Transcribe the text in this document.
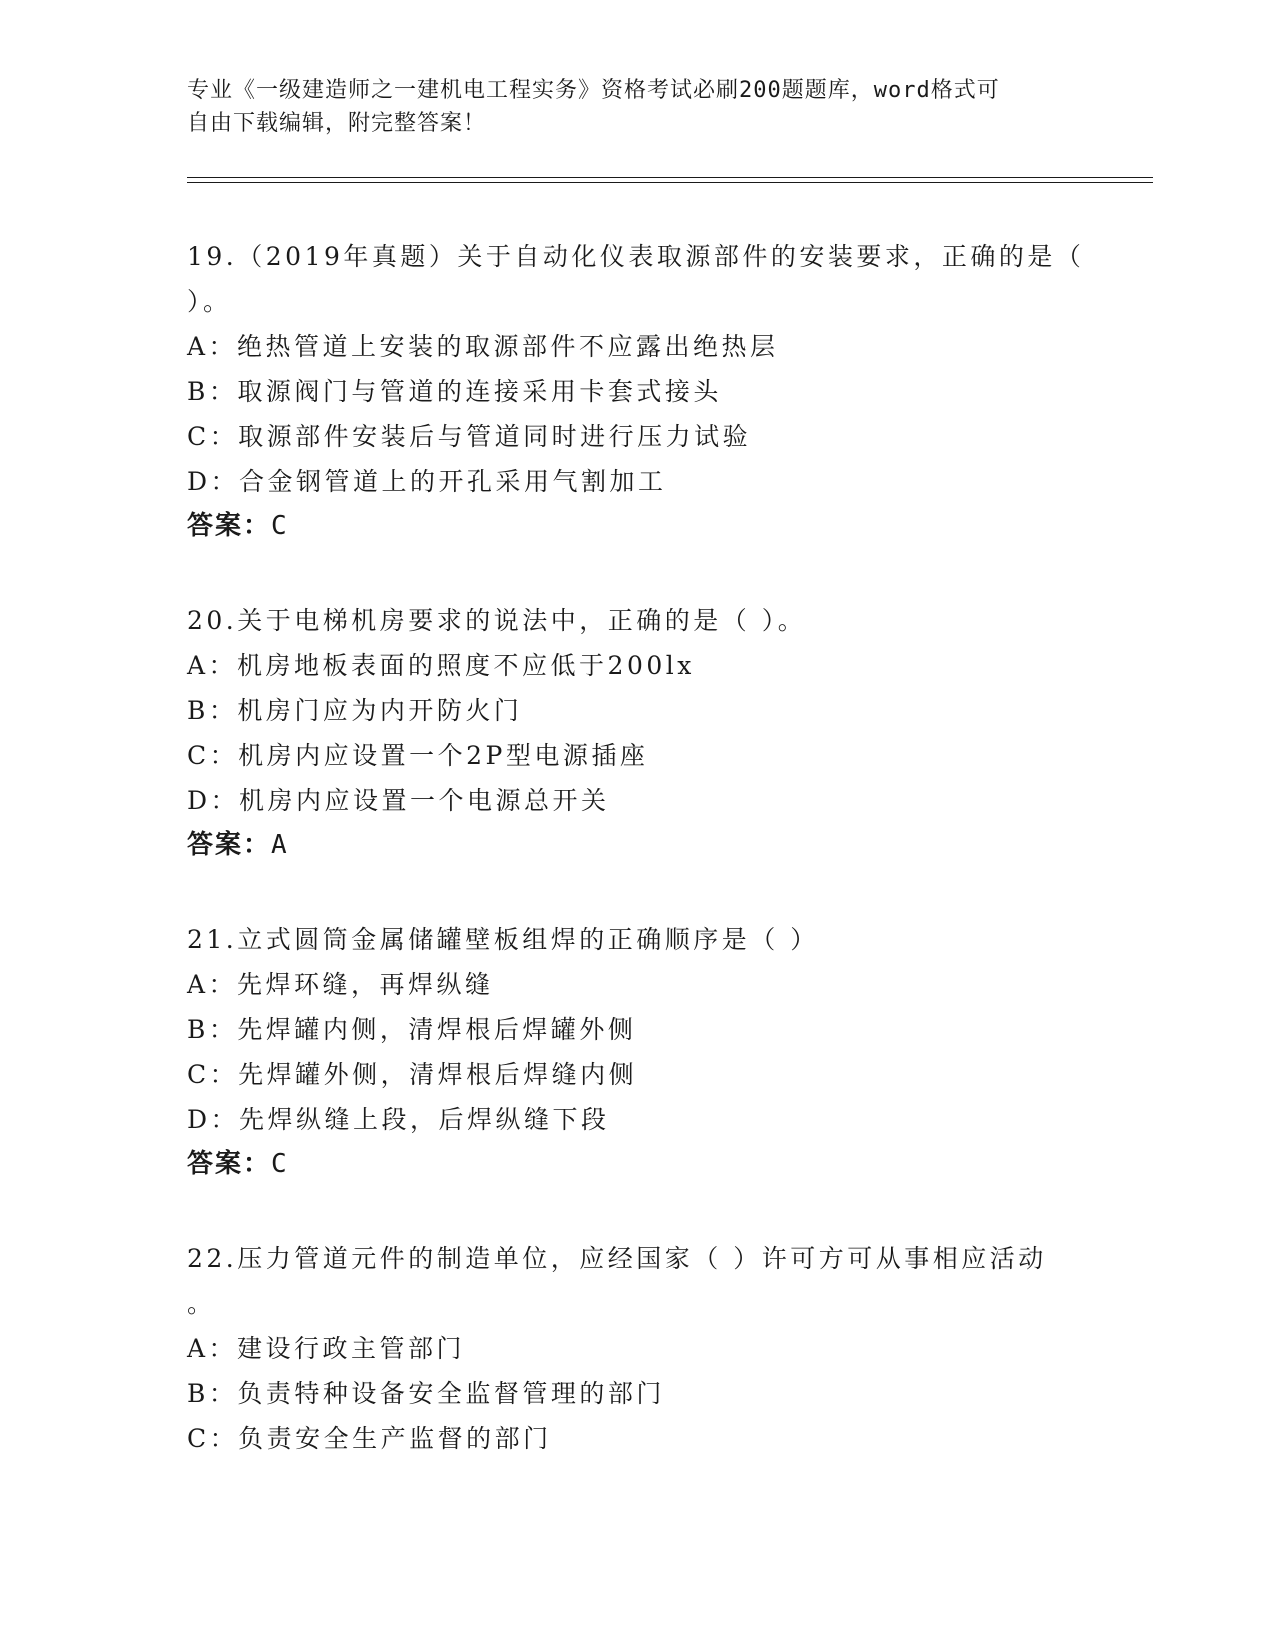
专业《一级建造师之一建机电工程实务》资格考试必刷200题题库，word格式可
自由下载编辑，附完整答案！
19.（2019年真题）关于自动化仪表取源部件的安装要求，正确的是（
）。
A：绝热管道上安装的取源部件不应露出绝热层
B：取源阀门与管道的连接采用卡套式接头
C：取源部件安装后与管道同时进行压力试验
D：合金钢管道上的开孔采用气割加工
答案：C
20.关于电梯机房要求的说法中，正确的是（ ）。
A：机房地板表面的照度不应低于200lx
B：机房门应为内开防火门
C：机房内应设置一个2P型电源插座
D：机房内应设置一个电源总开关
答案：A
21.立式圆筒金属储罐壁板组焊的正确顺序是（ ）
A：先焊环缝，再焊纵缝
B：先焊罐内侧，清焊根后焊罐外侧
C：先焊罐外侧，清焊根后焊缝内侧
D：先焊纵缝上段，后焊纵缝下段
答案：C
22.压力管道元件的制造单位，应经国家（ ）许可方可从事相应活动
。
A：建设行政主管部门
B：负责特种设备安全监督管理的部门
C：负责安全生产监督的部门
